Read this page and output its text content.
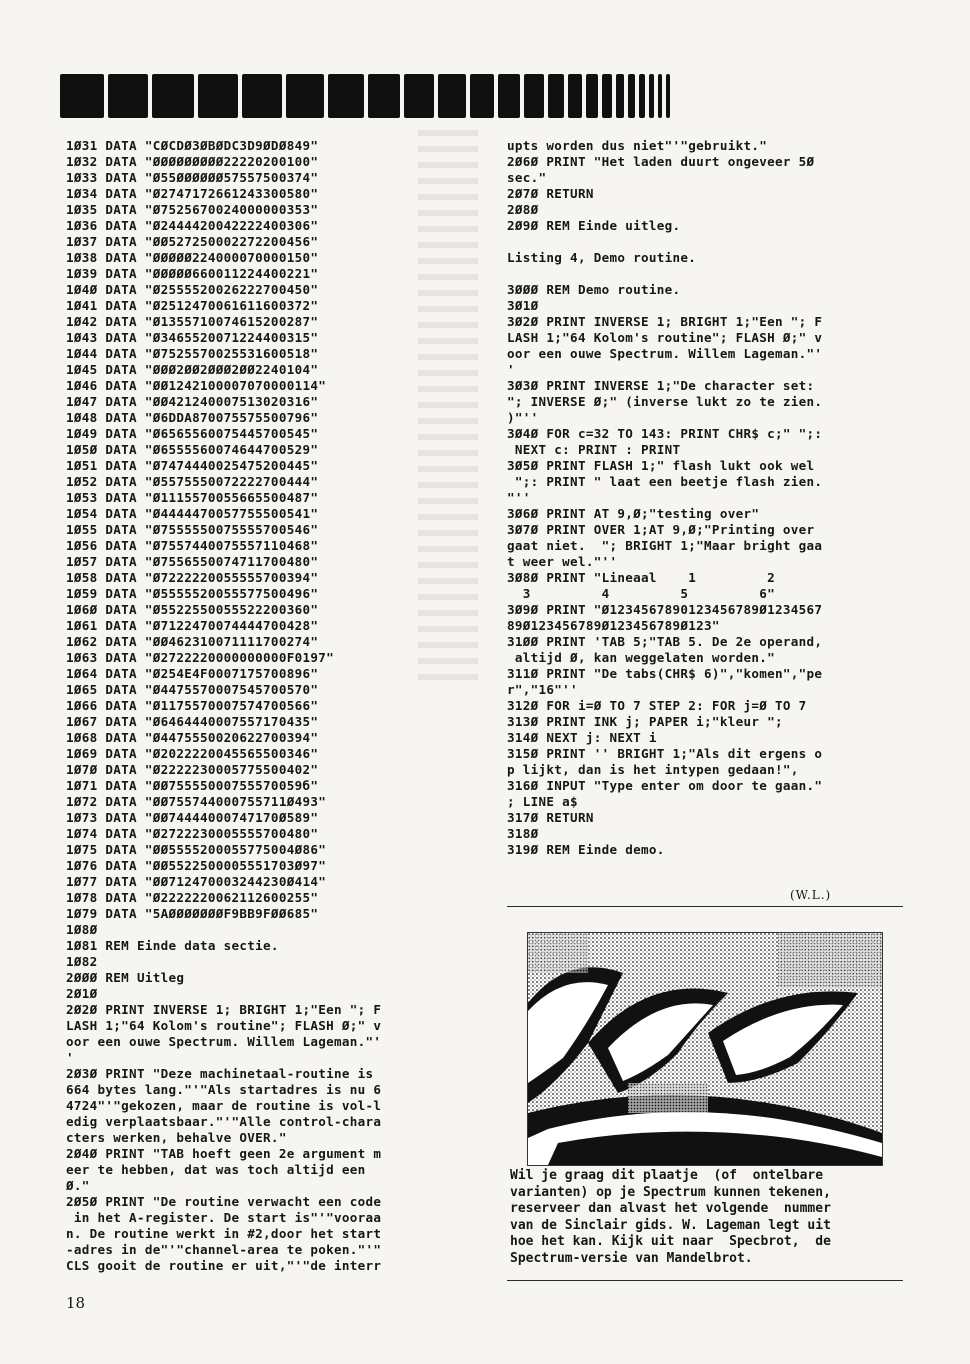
1Ø31 DATA "CØCDØ3ØBØDC3D9ØDØ849"
1Ø32 DATA "ØØØØØØØØØ22220200100"
1Ø33 DATA "Ø55ØØØØØØ57557500374"
1Ø34 DATA "Ø2747172661243300580"
1Ø35 DATA "Ø7525670024000000353"
1Ø36 DATA "Ø2444420042222400306"
1Ø37 DATA "ØØ527250002272200456"
1Ø38 DATA "ØØØØØ224000070000150"
1Ø39 DATA "ØØØØØ660011224400221"
1Ø4Ø DATA "Ø2555520026222700450"
1Ø41 DATA "Ø2512470061611600372"
1Ø42 DATA "Ø1355710074615200287"
1Ø43 DATA "Ø3465520071224400315"
1Ø44 DATA "Ø7525570025531600518"
1Ø45 DATA "ØØØ2ØØ2ØØØ2ØØ2240104"
1Ø46 DATA "ØØ1242100007070000114"
1Ø47 DATA "ØØ421240007513020316"
1Ø48 DATA "Ø6DDA870075575500796"
1Ø49 DATA "Ø6565560075445700545"
1Ø5Ø DATA "Ø6555560074644700529"
1Ø51 DATA "Ø7474440025475200445"
1Ø52 DATA "Ø5575550072222700444"
1Ø53 DATA "Ø1115570055665500487"
1Ø54 DATA "Ø4444470057755500541"
1Ø55 DATA "Ø7555550075555700546"
1Ø56 DATA "Ø7557440075557110468"
1Ø57 DATA "Ø7556550074711700480"
1Ø58 DATA "Ø7222220055555700394"
1Ø59 DATA "Ø5555520055577500496"
1Ø6Ø DATA "Ø5522550055522200360"
1Ø61 DATA "Ø7122470074444700428"
1Ø62 DATA "ØØ462310071111700274"
1Ø63 DATA "Ø2722220000000000F0197"
1Ø64 DATA "Ø254E4F0007175700896"
1Ø65 DATA "Ø4475570007545700570"
1Ø66 DATA "Ø1175570007574700566"
1Ø67 DATA "Ø6464440007557170435"
1Ø68 DATA "Ø4475550020622700394"
1Ø69 DATA "Ø2022220045565500346"
1Ø7Ø DATA "Ø2222230005775500402"
1Ø71 DATA "ØØ75555000755570059б"
1Ø72 DATA "ØØ755744000755711Ø493"
1Ø73 DATA "ØØ74444000747170Ø589"
1Ø74 DATA "Ø2722230005555700480"
1Ø75 DATA "ØØ5555200055775004Ø86"
1Ø76 DATA "ØØ5522500005551703Ø97"
1Ø77 DATA "ØØ712470003244230Ø414"
1Ø78 DATA "Ø2222220062112600255"
1Ø79 DATA "5AØØØØØØØF9BB9FØØ685"
1Ø8Ø
1Ø81 REM Einde data sectie.
1Ø82
2ØØØ REM Uitleg
2Ø1Ø
2Ø2Ø PRINT INVERSE 1; BRIGHT 1;"Een "; F
LASH 1;"64 Kolom's routine"; FLASH Ø;" v
oor een ouwe Spectrum. Willem Lageman."'
'
2Ø3Ø PRINT "Deze machinetaal-routine is
664 bytes lang."'"Als startadres is nu 6
4724"'"gekozen, maar de routine is vol-l
edig verplaatsbaar."'"Alle control-chara
cters werken, behalve OVER."
2Ø4Ø PRINT "TAB hoeft geen 2e argument m
eer te hebben, dat was toch altijd een
Ø."
2Ø5Ø PRINT "De routine verwacht een code
in het A-register. De start is"'"vooraa
n. De routine werkt in #2,door het start
-adres in de"'"channel-area te poken."'"
CLS gooit de routine er uit,"'"de interr
upts worden dus niet"'"gebruikt."
2Ø6Ø PRINT "Het laden duurt ongeveer 5Ø
sec."
2Ø7Ø RETURN
2Ø8Ø
2Ø9Ø REM Einde uitleg.
Listing 4, Demo routine.
3ØØØ REM Demo routine.
3Ø1Ø
3Ø2Ø PRINT INVERSE 1; BRIGHT 1;"Een "; F
LASH 1;"64 Kolom's routine"; FLASH Ø;" v
oor een ouwe Spectrum. Willem Lageman."'
'
3Ø3Ø PRINT INVERSE 1;"De character set:
"; INVERSE Ø;" (inverse lukt zo te zien.
)"''
3Ø4Ø FOR c=32 TO 143: PRINT CHR$ c;" ";:
NEXT c: PRINT : PRINT
3Ø5Ø PRINT FLASH 1;" flash lukt ook wel
";: PRINT " laat een beetje flash zien.
"''
3Ø6Ø PRINT AT 9,Ø;"testing over"
3Ø7Ø PRINT OVER 1;AT 9,Ø;"Printing over
gaat niet.  "; BRIGHT 1;"Maar bright gaa
t weer wel."''
3Ø8Ø PRINT "Lineaal    1         2
3         4         5         6"
3Ø9Ø PRINT "Ø1234567890123456789Ø1234567
89Ø123456789Ø123456789Ø123"
31ØØ PRINT 'TAB 5;"TAB 5. De 2e operand,
altijd Ø, kan weggelaten worden."
311Ø PRINT "De tabs(CHR$ 6)","komen","pe
r","16"''
312Ø FOR i=Ø TO 7 STEP 2: FOR j=Ø TO 7
313Ø PRINT INK j; PAPER i;"kleur ";
314Ø NEXT j: NEXT i
315Ø PRINT '' BRIGHT 1;"Als dit ergens o
p lijkt, dan is het intypen gedaan!",
316Ø INPUT "Type enter om door te gaan."
; LINE a$
317Ø RETURN
318Ø
319Ø REM Einde demo.
(W.L.)
Wil je graag dit plaatje  (of  ontelbare
varianten) op je Spectrum kunnen tekenen,
reserveer dan alvast het volgende  nummer
van de Sinclair gids. W. Lageman legt uit
hoe het kan. Kijk uit naar  Specbrot,  de
Spectrum-versie van Mandelbrot.
18
